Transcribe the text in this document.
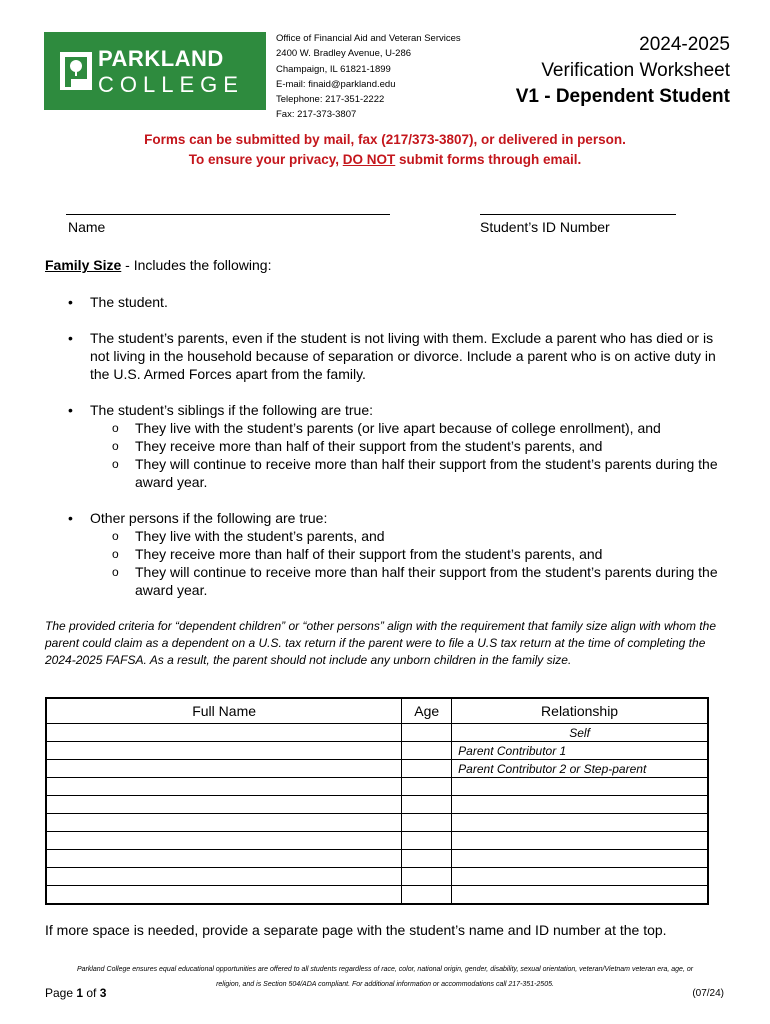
PARKLAND
COLLEGE
Office of Financial Aid and Veteran Services
2400 W. Bradley Avenue, U-286
Champaign, IL 61821-1899
E-mail: finaid@parkland.edu
Telephone: 217-351-2222
Fax: 217-373-3807
2024-2025
Verification Worksheet
V1 - Dependent Student
Forms can be submitted by mail, fax (217/373-3807), or delivered in person.
To ensure your privacy, DO NOT submit forms through email.
Name	Student’s ID Number
Family Size - Includes the following:
• The student.
• The student’s parents, even if the student is not living with them. Exclude a parent who has died or is not living in the household because of separation or divorce. Include a parent who is on active duty in the U.S. Armed Forces apart from the family.
• The student’s siblings if the following are true:
o They live with the student’s parents (or live apart because of college enrollment), and
o They receive more than half of their support from the student’s parents, and
o They will continue to receive more than half their support from the student’s parents during the award year.
• Other persons if the following are true:
o They live with the student’s parents, and
o They receive more than half of their support from the student’s parents, and
o They will continue to receive more than half their support from the student’s parents during the award year.
The provided criteria for “dependent children” or “other persons” align with the requirement that family size align with whom the parent could claim as a dependent on a U.S. tax return if the parent were to file a U.S tax return at the time of completing the 2024-2025 FAFSA. As a result, the parent should not include any unborn children in the family size.
Full Name	Age	Relationship
		Self
		Parent Contributor 1
		Parent Contributor 2 or Step-parent

If more space is needed, provide a separate page with the student’s name and ID number at the top.
Parkland College ensures equal educational opportunities are offered to all students regardless of race, color, national origin, gender, disability, sexual orientation, veteran/Vietnam veteran era, age, or
religion, and is Section 504/ADA compliant. For additional information or accommodations call 217-351-2505.
Page 1 of 3	(07/24)
